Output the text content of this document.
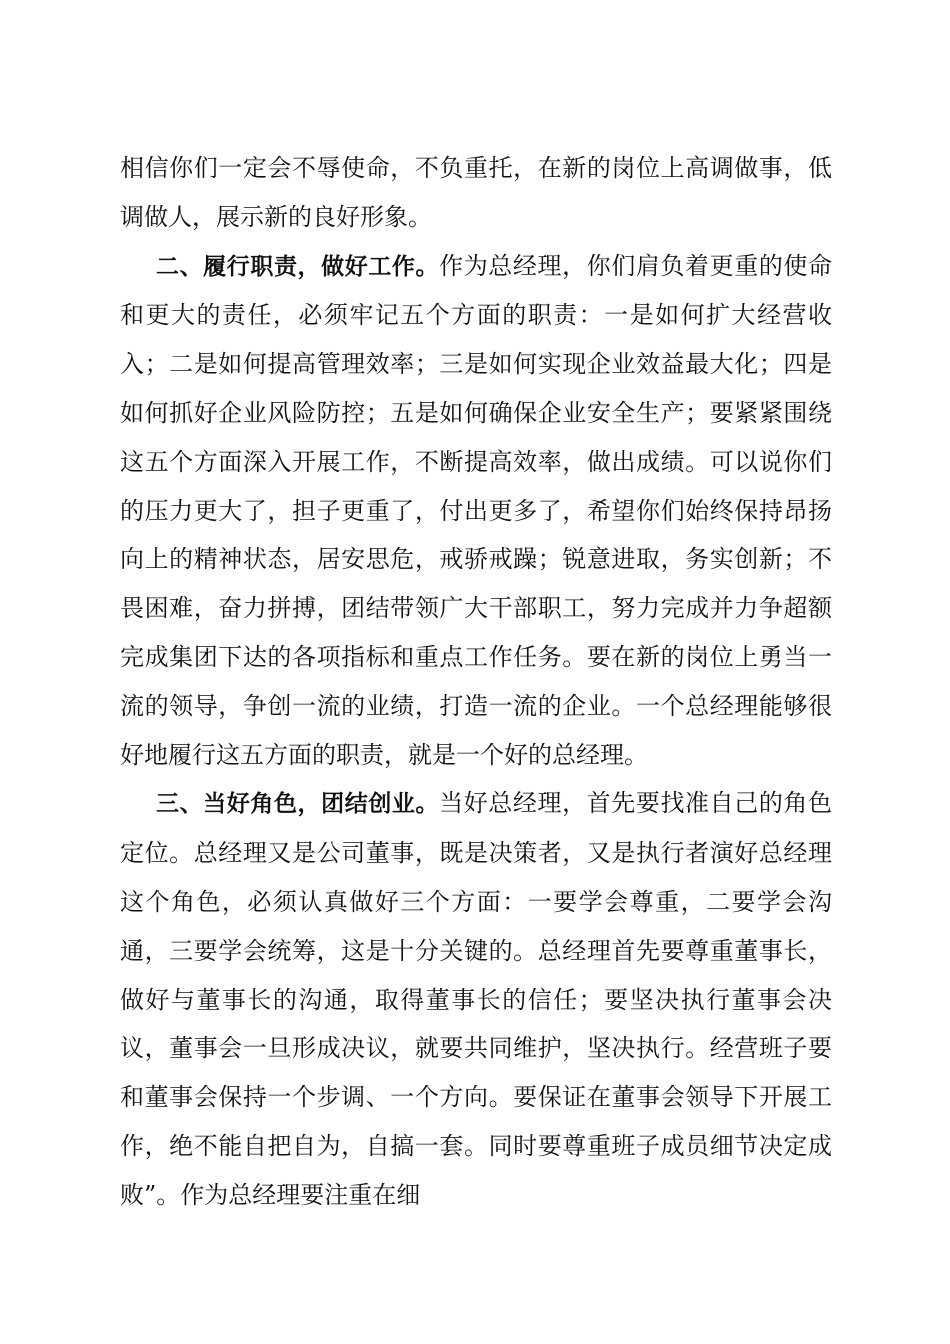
相信你们一定会不辱使命，不负重托，在新的岗位上高调做事，低调做人，展示新的良好形象。

二、履行职责，做好工作。作为总经理，你们肩负着更重的使命和更大的责任，必须牢记五个方面的职责：一是如何扩大经营收入；二是如何提高管理效率；三是如何实现企业效益最大化；四是如何抓好企业风险防控；五是如何确保企业安全生产；要紧紧围绕这五个方面深入开展工作，不断提高效率，做出成绩。可以说你们的压力更大了，担子更重了，付出更多了，希望你们始终保持昂扬向上的精神状态，居安思危，戒骄戒躁；锐意进取，务实创新；不畏困难，奋力拼搏，团结带领广大干部职工，努力完成并力争超额完成集团下达的各项指标和重点工作任务。要在新的岗位上勇当一流的领导，争创一流的业绩，打造一流的企业。一个总经理能够很好地履行这五方面的职责，就是一个好的总经理。

三、当好角色，团结创业。当好总经理，首先要找准自己的角色定位。总经理又是公司董事，既是决策者，又是执行者演好总经理这个角色，必须认真做好三个方面：一要学会尊重，二要学会沟通，三要学会统筹，这是十分关键的。总经理首先要尊重董事长，做好与董事长的沟通，取得董事长的信任；要坚决执行董事会决议，董事会一旦形成决议，就要共同维护，坚决执行。经营班子要和董事会保持一个步调、一个方向。要保证在董事会领导下开展工作，绝不能自把自为，自搞一套。同时要尊重班子成员细节决定成败”。作为总经理要注重在细
